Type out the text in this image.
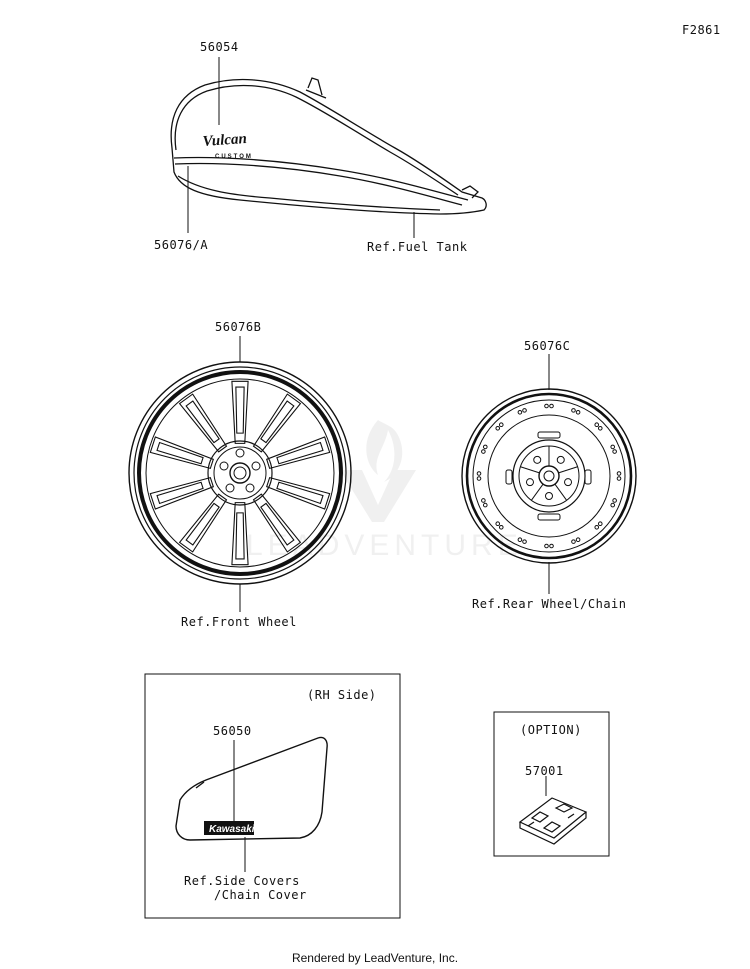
LEADVENTURE
Vulcan
CUSTOM
Kawasaki
F2861
56054
56076/A	Ref.Fuel Tank
56076B
Ref.Front Wheel
56076C
Ref.Rear Wheel/Chain
(RH Side)
56050
Ref.Side Covers
/Chain Cover
(OPTION)
57001
Rendered by LeadVenture, Inc.
